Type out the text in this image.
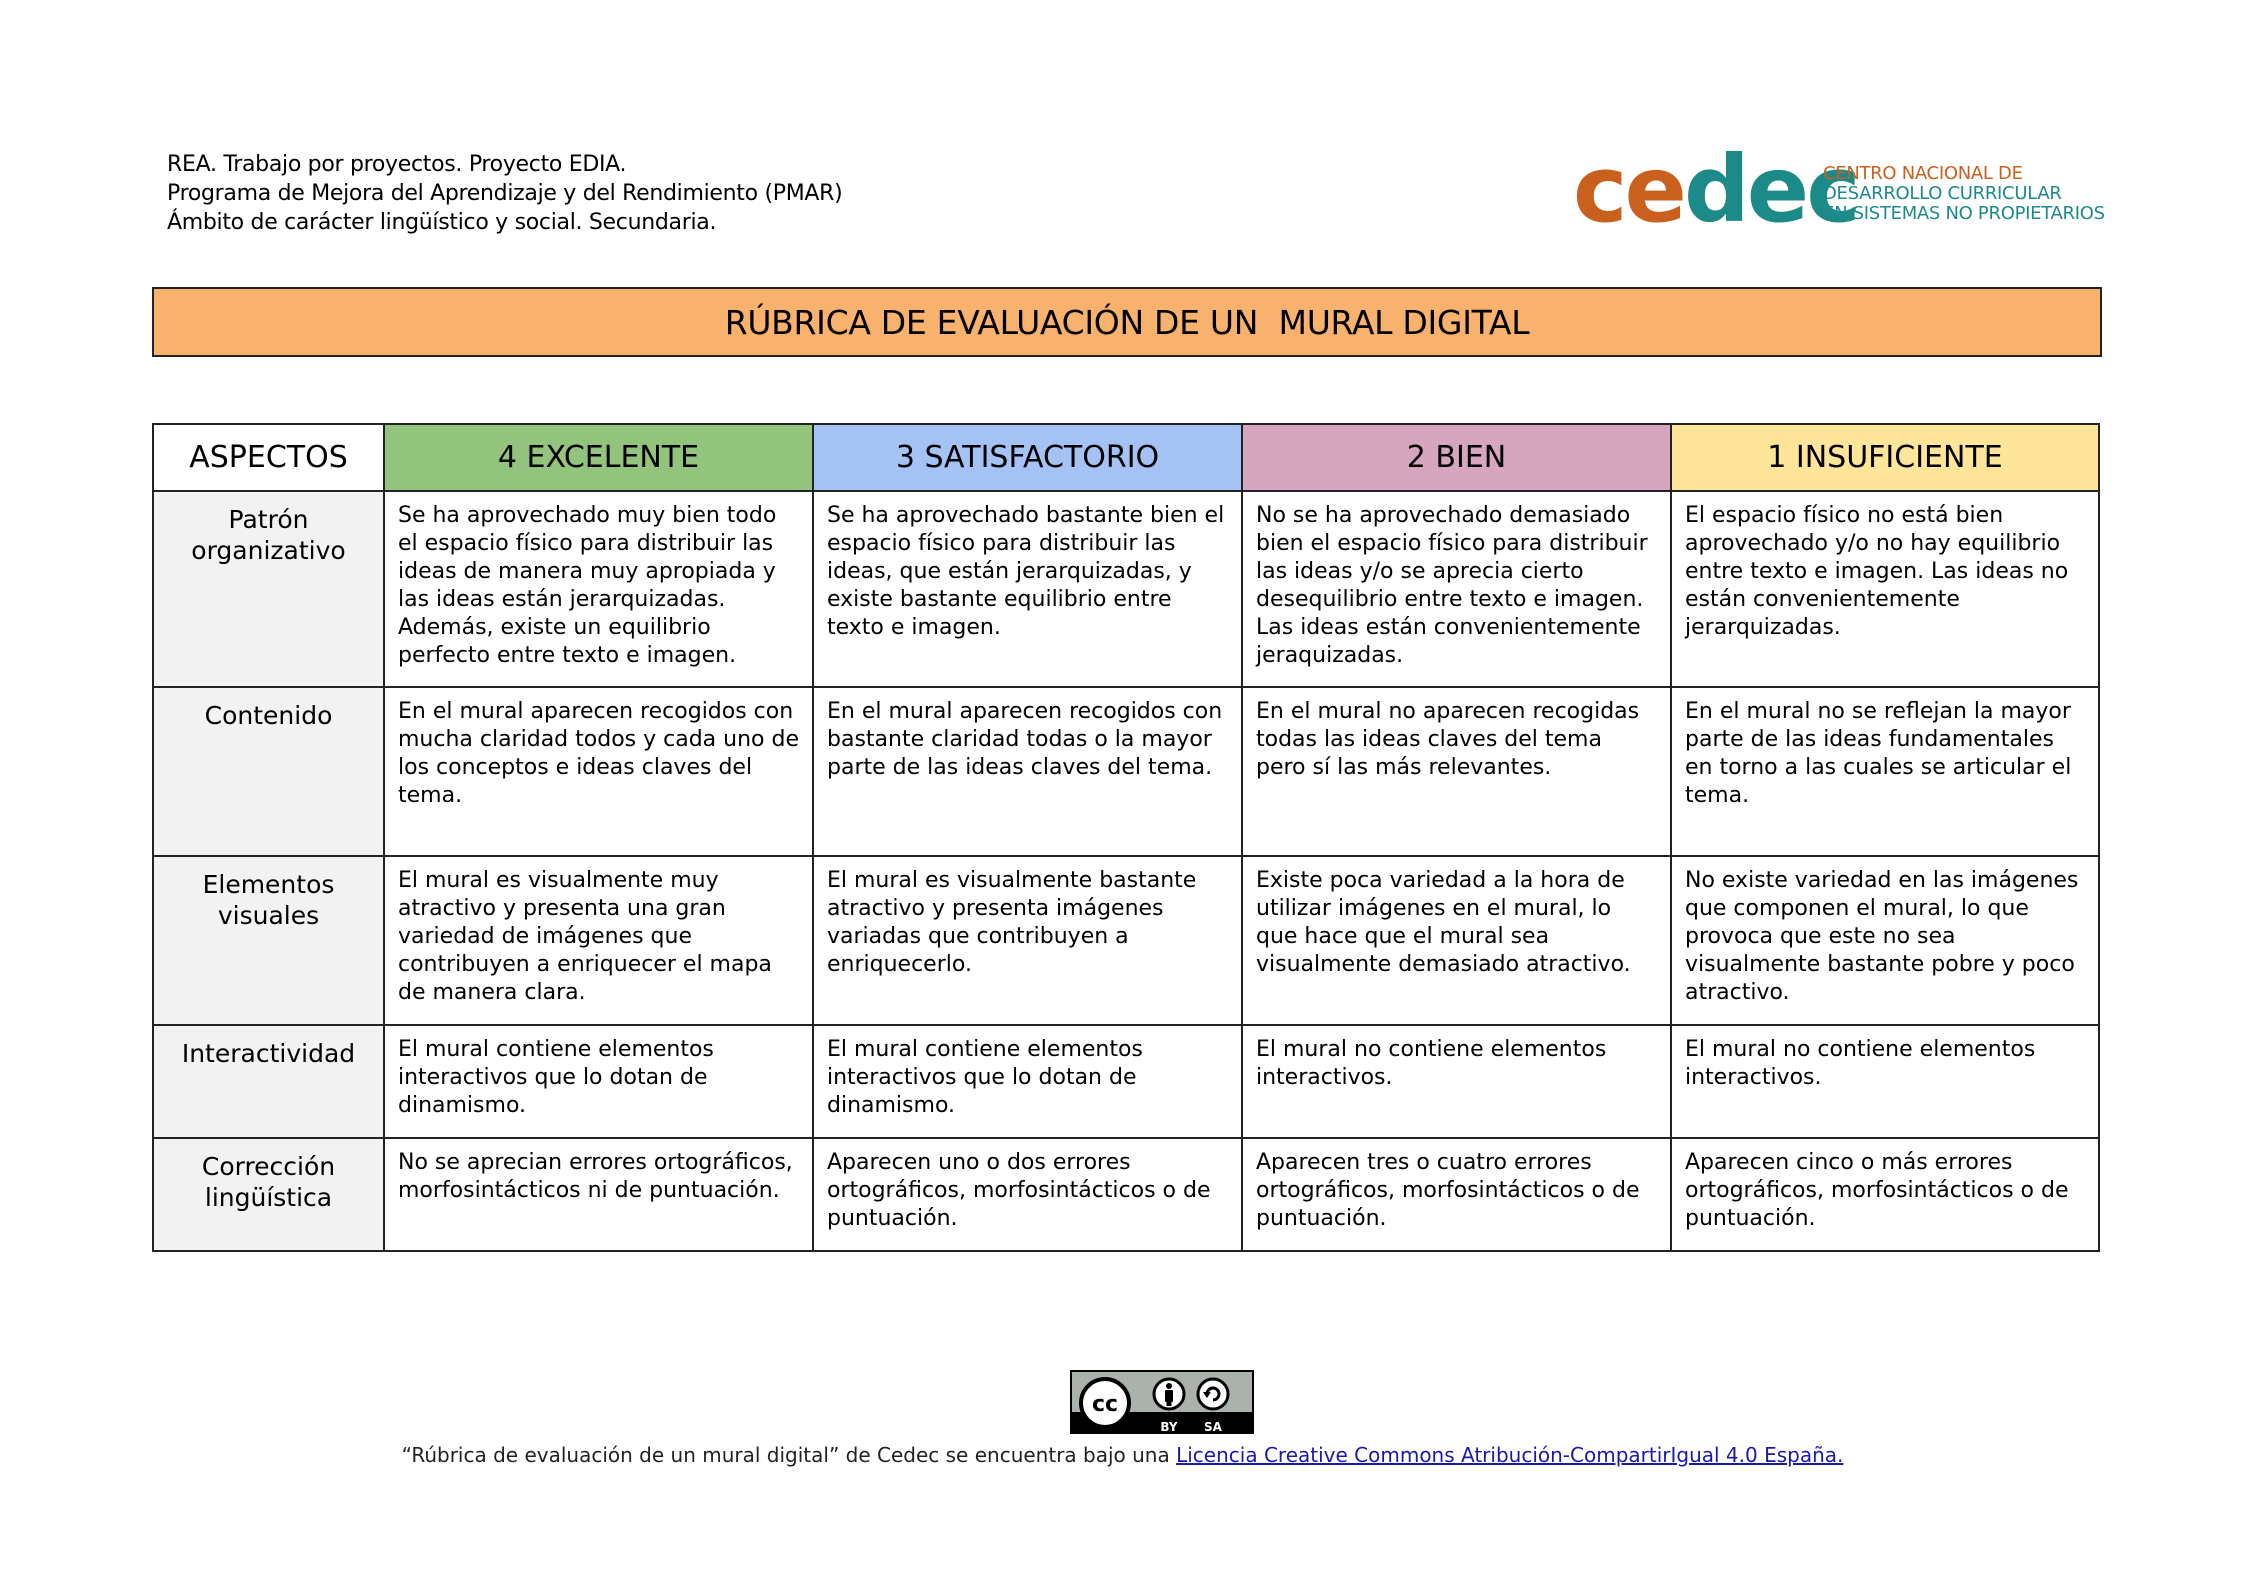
REA. Trabajo por proyectos. Proyecto EDIA.
Programa de Mejora del Aprendizaje y del Rendimiento (PMAR)
Ámbito de carácter lingüístico y social. Secundaria.	cedec
CENTRO NACIONAL DE
DESARROLLO CURRICULAR
EN SISTEMAS NO PROPIETARIOS
RÚBRICA DE EVALUACIÓN DE UN  MURAL DIGITAL
ASPECTOS	4 EXCELENTE	3 SATISFACTORIO	2 BIEN	1 INSUFICIENTE
Patrón organizativo	Se ha aprovechado muy bien todo el espacio físico para distribuir las ideas de manera muy apropiada y las ideas están jerarquizadas. Además, existe un equilibrio perfecto entre texto e imagen.	Se ha aprovechado bastante bien el espacio físico para distribuir las ideas, que están jerarquizadas, y existe bastante equilibrio entre texto e imagen.	No se ha aprovechado demasiado bien el espacio físico para distribuir las ideas y/o se aprecia cierto desequilibrio entre texto e imagen. Las ideas están convenientemente jeraquizadas.	El espacio físico no está bien aprovechado y/o no hay equilibrio entre texto e imagen. Las ideas no están convenientemente jerarquizadas.
Contenido	En el mural aparecen recogidos con mucha claridad todos y cada uno de los conceptos e ideas claves del tema.	En el mural aparecen recogidos con bastante claridad todas o la mayor parte de las ideas claves del tema.	En el mural no aparecen recogidas todas las ideas claves del tema pero sí las más relevantes.	En el mural no se reflejan la mayor parte de las ideas fundamentales en torno a las cuales se articular el tema.
Elementos visuales	El mural es visualmente muy atractivo y presenta una gran variedad de imágenes que contribuyen a enriquecer el mapa de manera clara.	El mural es visualmente bastante atractivo y presenta imágenes variadas que contribuyen a enriquecerlo.	Existe poca variedad a la hora de utilizar imágenes en el mural, lo que hace que el mural sea visualmente demasiado atractivo.	No existe variedad en las imágenes que componen el mural, lo que provoca que este no sea visualmente bastante pobre y poco atractivo.
Interactividad	El mural contiene elementos interactivos que lo dotan de dinamismo.	El mural contiene elementos interactivos que lo dotan de dinamismo.	El mural no contiene elementos interactivos.	El mural no contiene elementos interactivos.
Corrección lingüística	No se aprecian errores ortográficos, morfosintácticos ni de puntuación.	Aparecen uno o dos errores ortográficos, morfosintácticos o de puntuación.	Aparecen tres o cuatro errores ortográficos, morfosintácticos o de puntuación.	Aparecen cinco o más errores ortográficos, morfosintácticos o de puntuación.
cc
BY SA
“Rúbrica de evaluación de un mural digital” de Cedec se encuentra bajo una Licencia Creative Commons Atribución-CompartirIgual 4.0 España.
